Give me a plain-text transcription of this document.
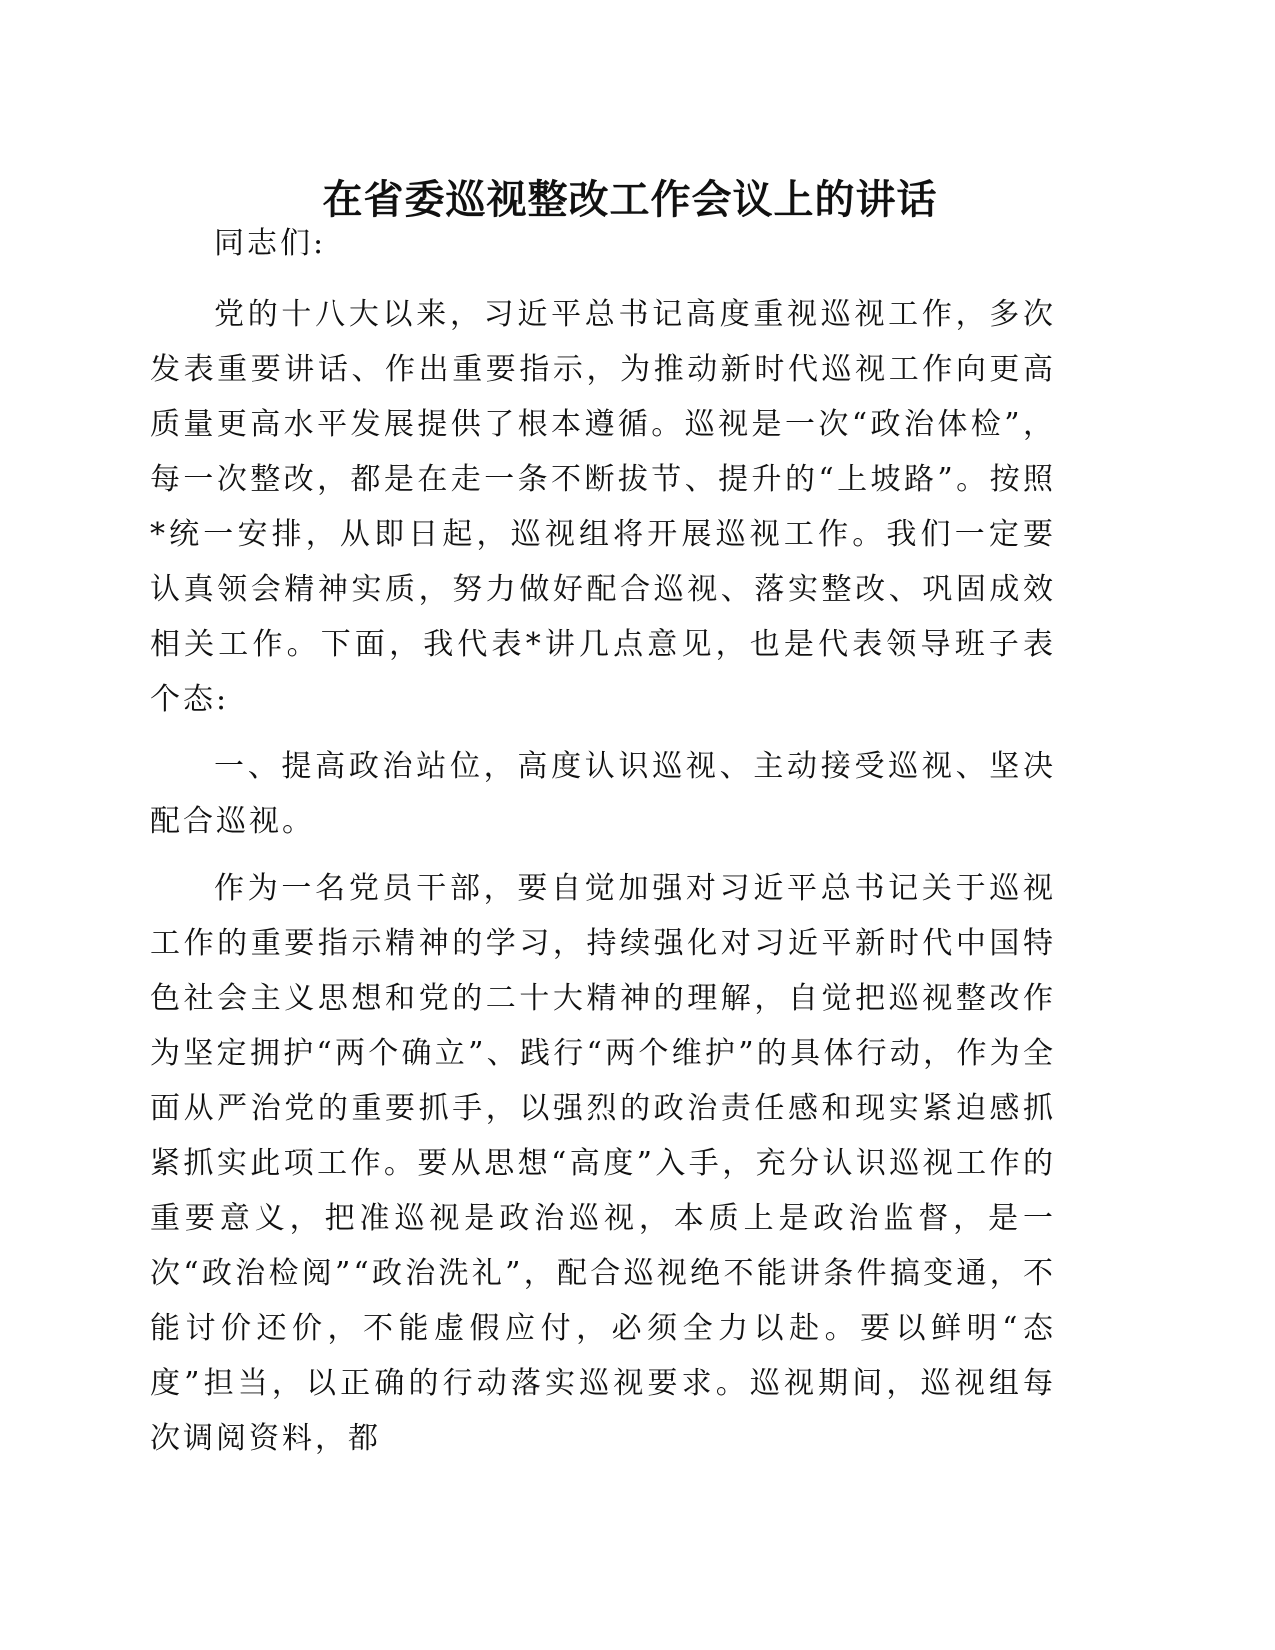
在省委巡视整改工作会议上的讲话

同志们:

党的十八大以来，习近平总书记高度重视巡视工作，多次发表重要讲话、作出重要指示，为推动新时代巡视工作向更高质量更高水平发展提供了根本遵循。巡视是一次“政治体检”，每一次整改，都是在走一条不断拔节、提升的“上坡路”。按照*统一安排，从即日起，巡视组将开展巡视工作。我们一定要认真领会精神实质，努力做好配合巡视、落实整改、巩固成效相关工作。下面，我代表*讲几点意见，也是代表领导班子表个态:

一、提高政治站位，高度认识巡视、主动接受巡视、坚决配合巡视。

作为一名党员干部，要自觉加强对习近平总书记关于巡视工作的重要指示精神的学习，持续强化对习近平新时代中国特色社会主义思想和党的二十大精神的理解，自觉把巡视整改作为坚定拥护“两个确立”、践行“两个维护”的具体行动，作为全面从严治党的重要抓手，以强烈的政治责任感和现实紧迫感抓紧抓实此项工作。要从思想“高度”入手，充分认识巡视工作的重要意义，把准巡视是政治巡视，本质上是政治监督，是一次“政治检阅”“政治洗礼”，配合巡视绝不能讲条件搞变通，不能讨价还价，不能虚假应付，必须全力以赴。要以鲜明“态度”担当，以正确的行动落实巡视要求。巡视期间，巡视组每次调阅资料，都
